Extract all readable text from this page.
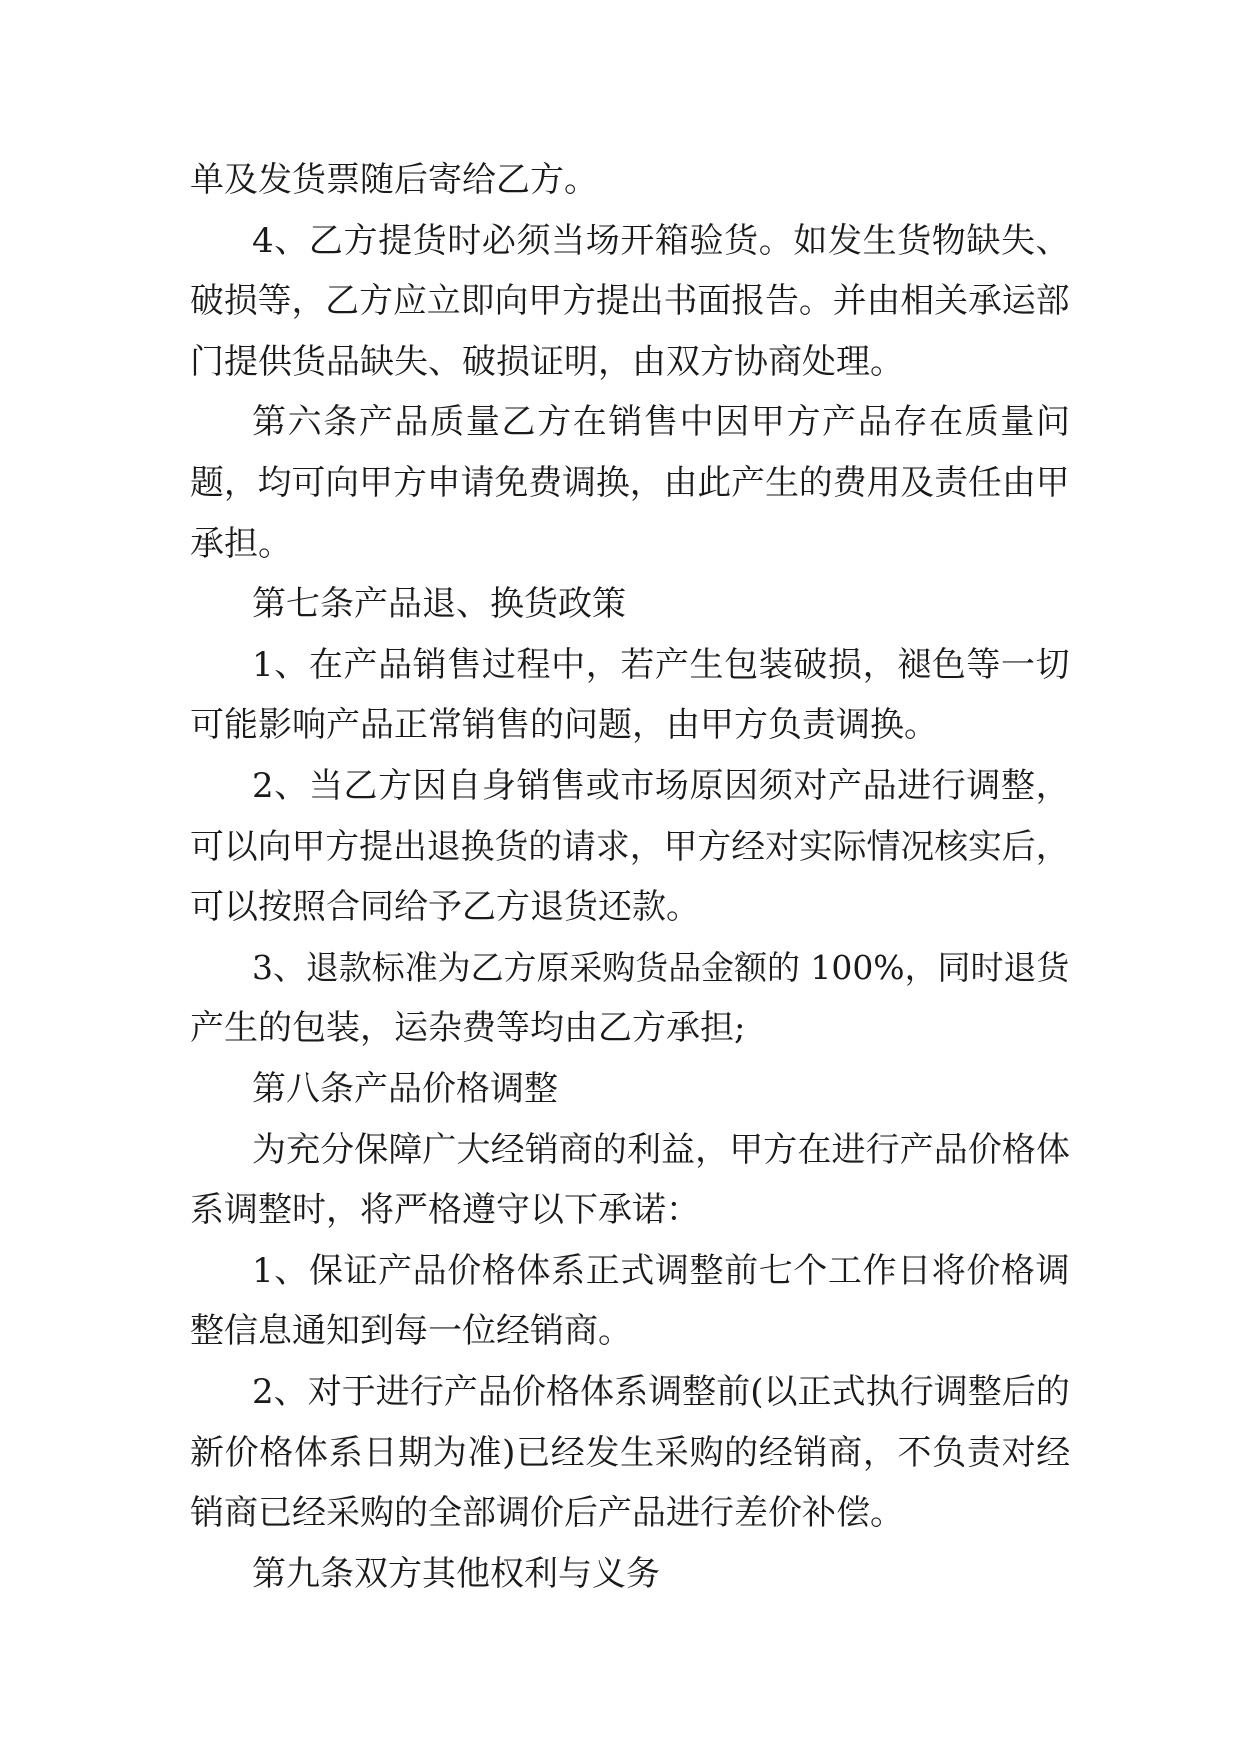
单及发货票随后寄给乙方。
4、乙方提货时必须当场开箱验货。如发生货物缺失、
破损等，乙方应立即向甲方提出书面报告。并由相关承运部
门提供货品缺失、破损证明，由双方协商处理。
第六条产品质量乙方在销售中因甲方产品存在质量问
题，均可向甲方申请免费调换，由此产生的费用及责任由甲
承担。
第七条产品退、换货政策
1、在产品销售过程中，若产生包装破损，褪色等一切
可能影响产品正常销售的问题，由甲方负责调换。
2、当乙方因自身销售或市场原因须对产品进行调整，
可以向甲方提出退换货的请求，甲方经对实际情况核实后，
可以按照合同给予乙方退货还款。
3、退款标准为乙方原采购货品金额的 100%，同时退货
产生的包装，运杂费等均由乙方承担;
第八条产品价格调整
为充分保障广大经销商的利益，甲方在进行产品价格体
系调整时，将严格遵守以下承诺：
1、保证产品价格体系正式调整前七个工作日将价格调
整信息通知到每一位经销商。
2、对于进行产品价格体系调整前(以正式执行调整后的
新价格体系日期为准)已经发生采购的经销商，不负责对经
销商已经采购的全部调价后产品进行差价补偿。
第九条双方其他权利与义务
